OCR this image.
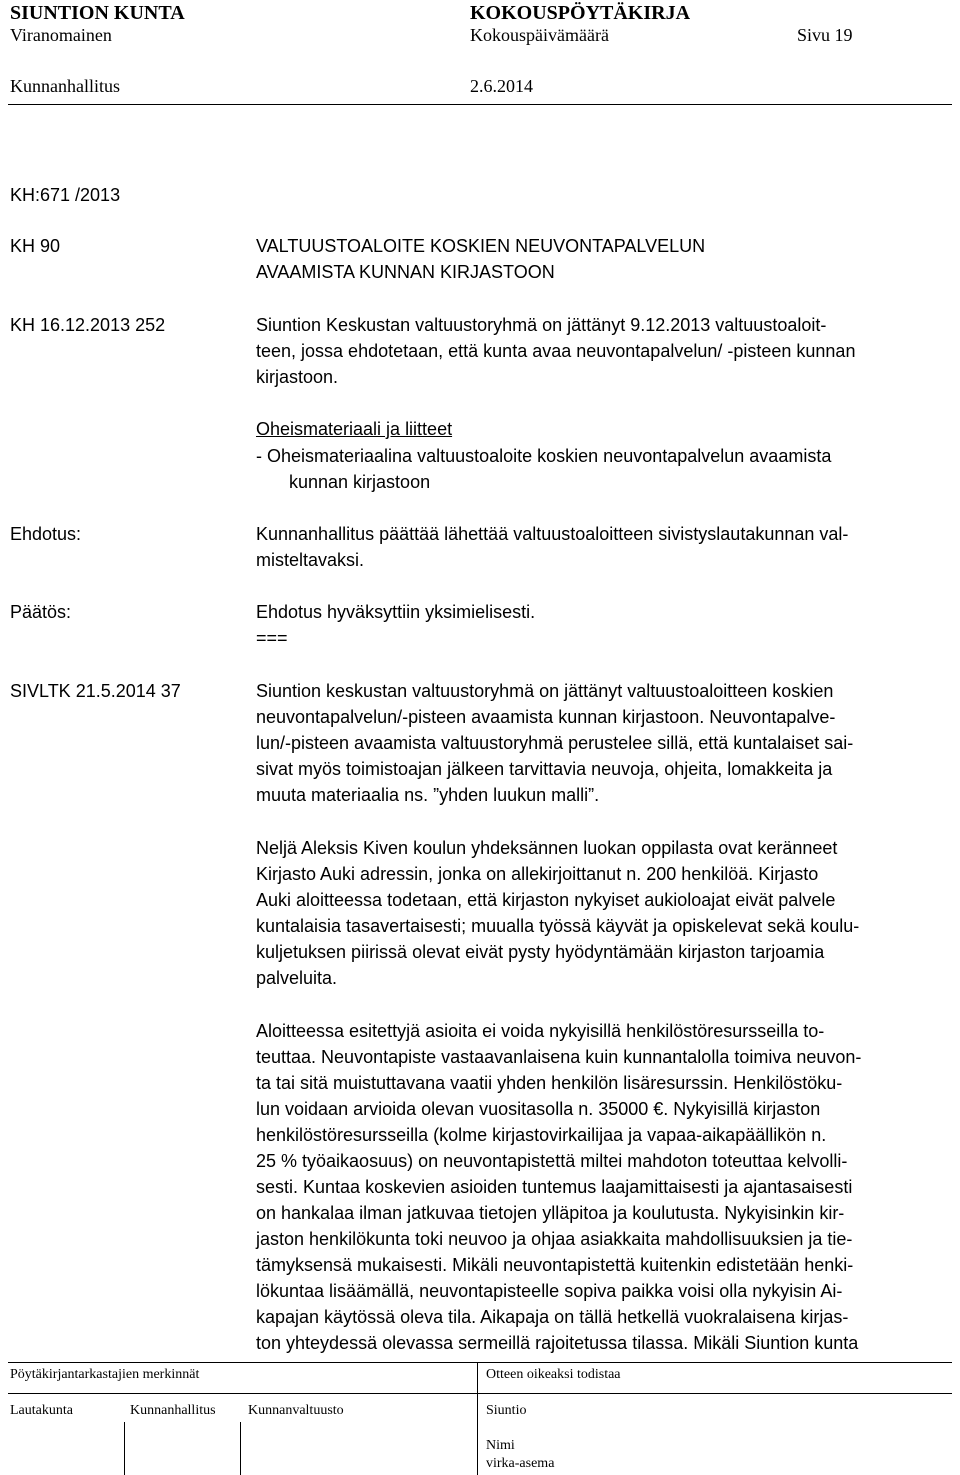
SIUNTION KUNTA	KOKOUSPÖYTÄKIRJA
Viranomainen	Kokouspäivämäärä	Sivu 19
Kunnanhallitus	2.6.2014
KH:671 /2013
KH 90	VALTUUSTOALOITE KOSKIEN NEUVONTAPALVELUN
AVAAMISTA KUNNAN KIRJASTOON
KH 16.12.2013 252	Siuntion Keskustan valtuustoryhmä on jättänyt 9.12.2013 valtuustoaloit-
teen, jossa ehdotetaan, että kunta avaa neuvontapalvelun/ -pisteen kunnan
kirjastoon.
Oheismateriaali ja liitteet
- Oheismateriaalina valtuustoaloite koskien neuvontapalvelun avaamista
kunnan kirjastoon
Ehdotus:	Kunnanhallitus päättää lähettää valtuustoaloitteen sivistyslautakunnan val-
misteltavaksi.
Päätös:	Ehdotus hyväksyttiin yksimielisesti.
===
SIVLTK 21.5.2014 37	Siuntion keskustan valtuustoryhmä on jättänyt valtuustoaloitteen koskien

neuvontapalvelun/-pisteen avaamista kunnan kirjastoon. Neuvontapalve-

lun/-pisteen avaamista valtuustoryhmä perustelee sillä, että kuntalaiset sai-

sivat myös toimistoajan jälkeen tarvittavia neuvoja, ohjeita, lomakkeita ja

muuta materiaalia ns. ”yhden luukun malli”.

Neljä Aleksis Kiven koulun yhdeksännen luokan oppilasta ovat keränneet

Kirjasto Auki adressin, jonka on allekirjoittanut n. 200 henkilöä. Kirjasto

Auki aloitteessa todetaan, että kirjaston nykyiset aukioloajat eivät palvele

kuntalaisia tasavertaisesti; muualla työssä käyvät ja opiskelevat sekä koulu-

kuljetuksen piirissä olevat eivät pysty hyödyntämään kirjaston tarjoamia

palveluita.

Aloitteessa esitettyjä asioita ei voida nykyisillä henkilöstöresursseilla to-

teuttaa. Neuvontapiste vastaavanlaisena kuin kunnantalolla toimiva neuvon-

ta tai sitä muistuttavana vaatii yhden henkilön lisäresurssin. Henkilöstöku-

lun voidaan arvioida olevan vuositasolla n. 35000 €. Nykyisillä kirjaston

henkilöstöresursseilla (kolme kirjastovirkailijaa ja vapaa-aikapäällikön n.

25 % työaikaosuus) on neuvontapistettä miltei mahdoton toteuttaa kelvolli-

sesti. Kuntaa koskevien asioiden tuntemus laajamittaisesti ja ajantasaisesti

on hankalaa ilman jatkuvaa tietojen ylläpitoa ja koulutusta. Nykyisinkin kir-

jaston henkilökunta toki neuvoo ja ohjaa asiakkaita mahdollisuuksien ja tie-

tämyksensä mukaisesti. Mikäli neuvontapistettä kuitenkin edistetään henki-

lökuntaa lisäämällä, neuvontapisteelle sopiva paikka voisi olla nykyisin Ai-

kapajan käytössä oleva tila. Aikapaja on tällä hetkellä vuokralaisena kirjas-

ton yhteydessä olevassa sermeillä rajoitetussa tilassa. Mikäli Siuntion kunta

Pöytäkirjantarkastajien merkinnät	Otteen oikeaksi todistaa
Lautakunta	Kunnanhallitus Kunnanvaltuusto	Siuntio
Nimi
virka-asema
